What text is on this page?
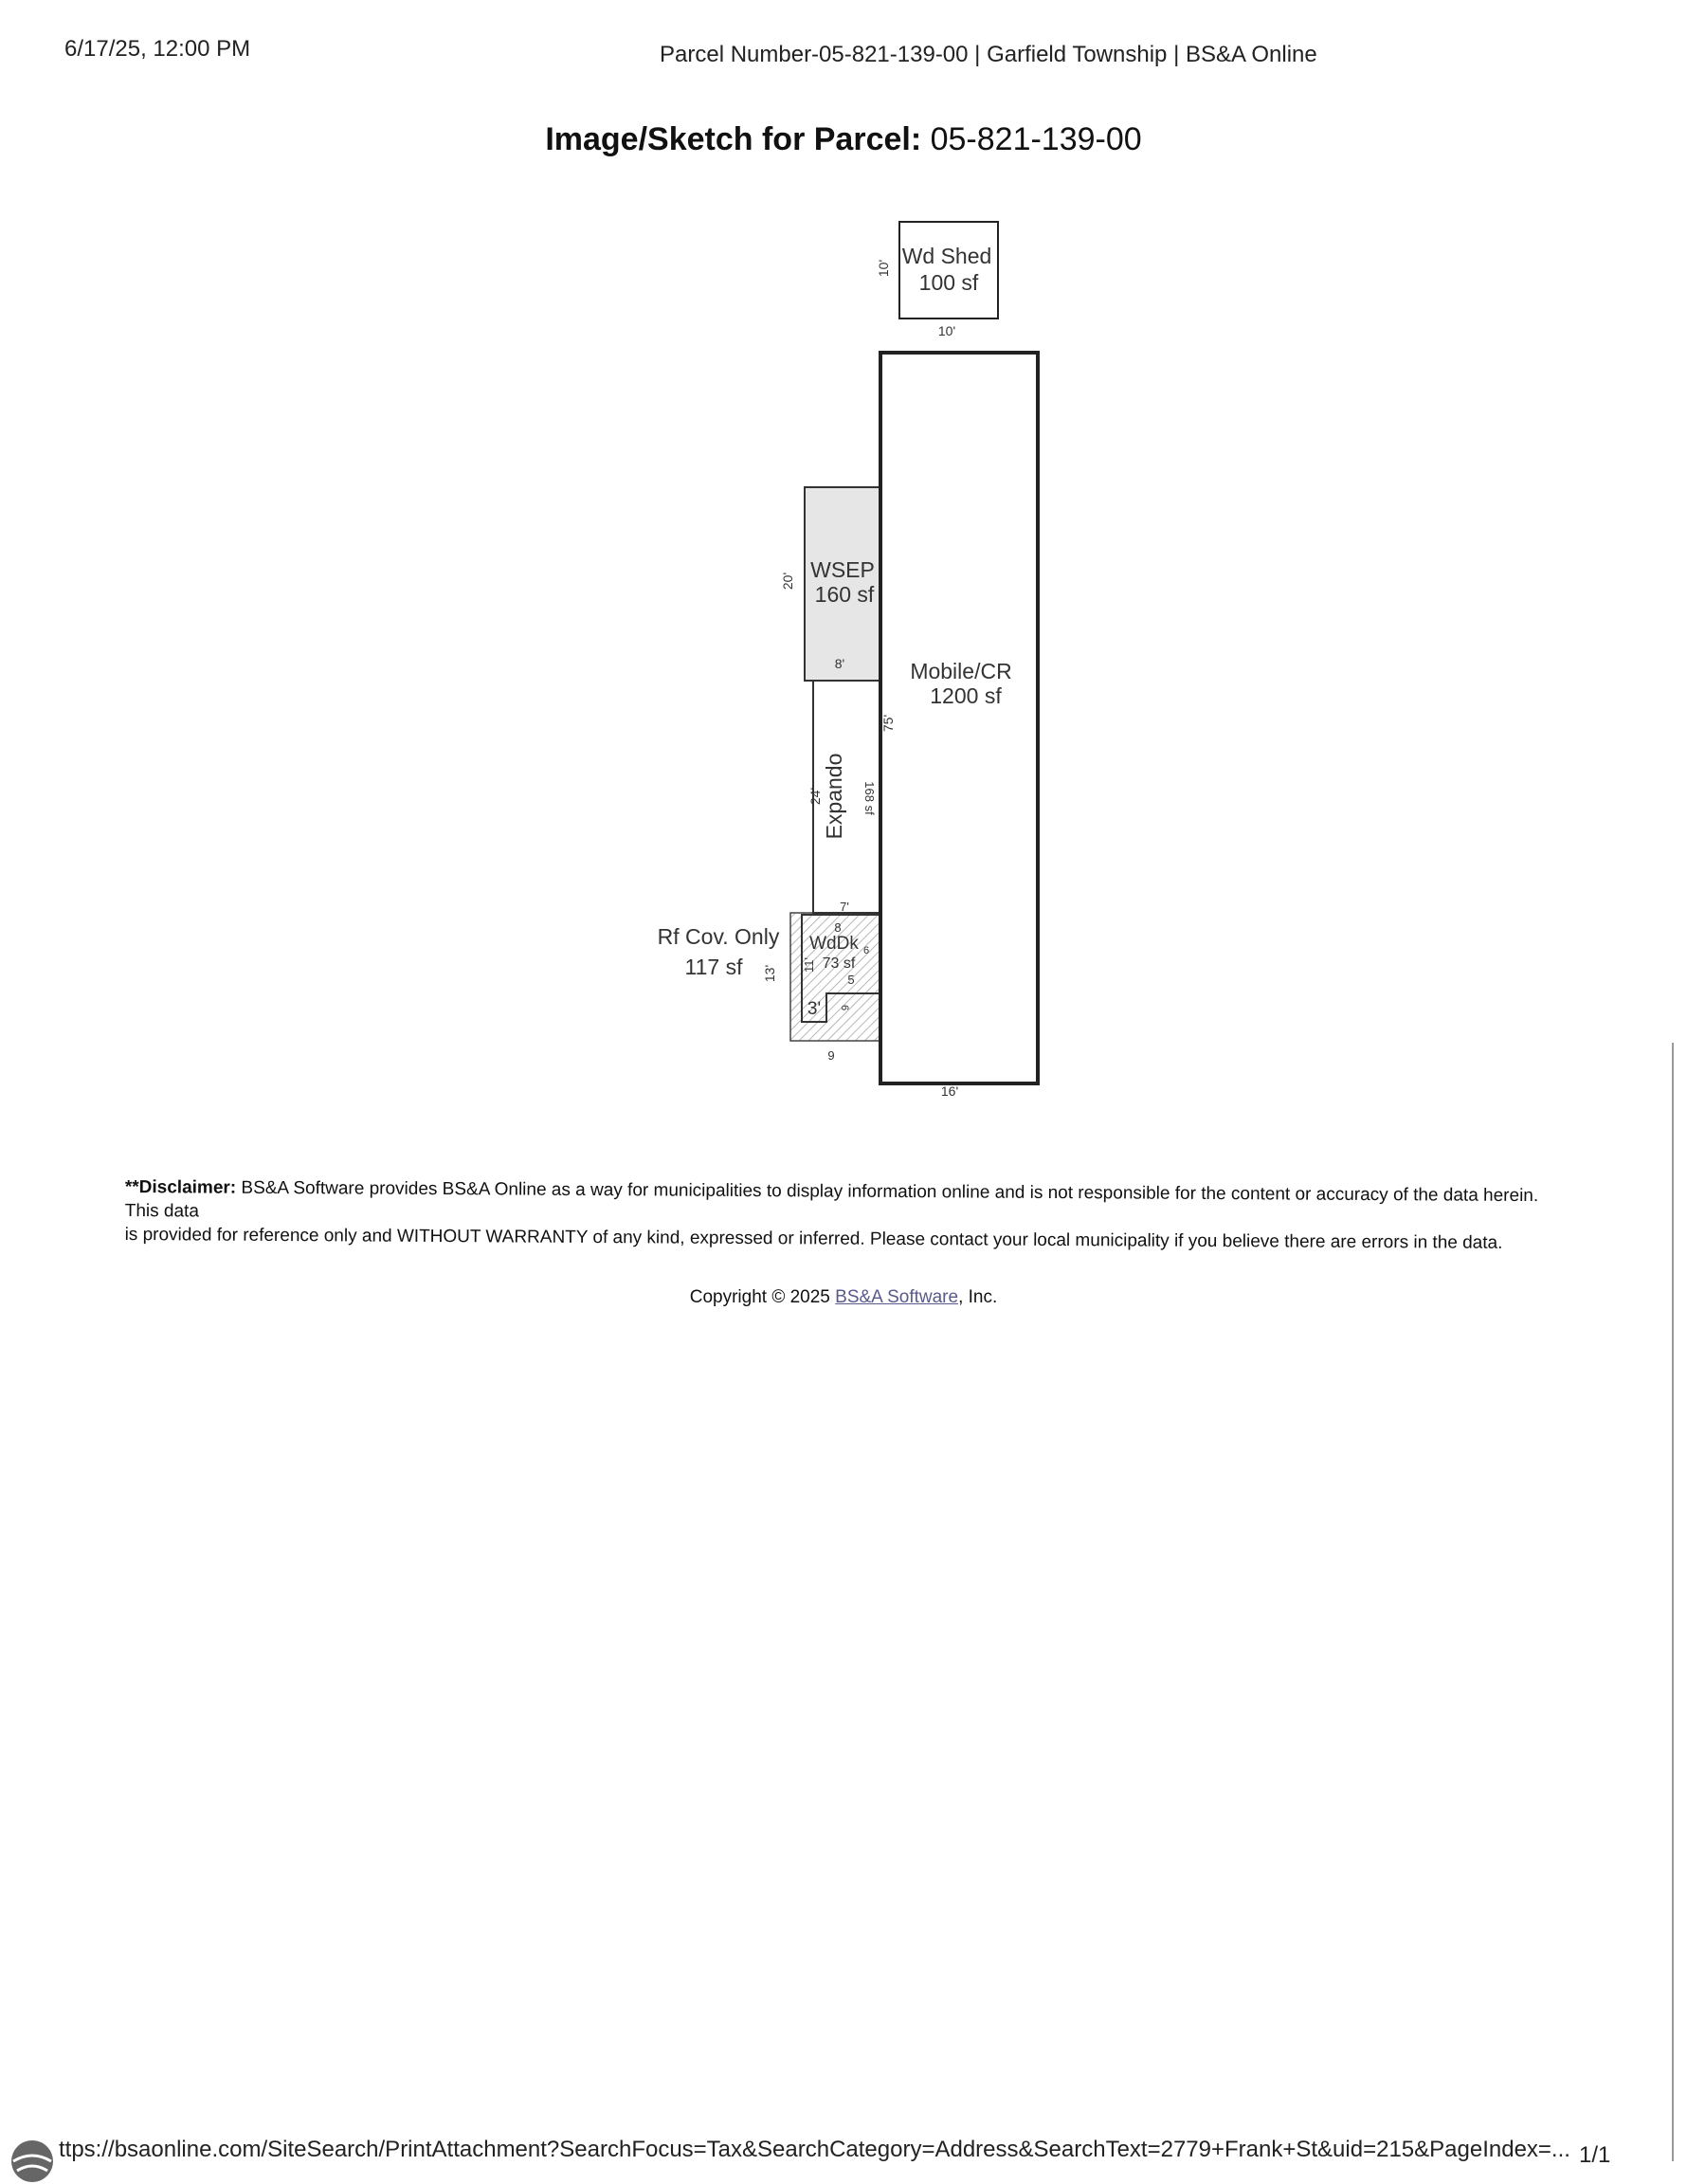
6/17/25, 12:00 PM	Parcel Number-05-821-139-00 | Garfield Township | BS&A Online
Image/Sketch for Parcel: 05-821-139-00
Wd Shed
100 sf
10'
10'
WSEP
160 sf
20'
8'
Expando 168 sf
24'
7'
8
WdDk
73 sf
11'
6
5
3' 6
Rf Cov. Only
117 sf 13'
9
Mobile/CR
1200 sf
75'
16'
**Disclaimer: BS&A Software provides BS&A Online as a way for municipalities to display information online and is not responsible for the content or accuracy of the data herein. This data
is provided for reference only and WITHOUT WARRANTY of any kind, expressed or inferred. Please contact your local municipality if you believe there are errors in the data.
Copyright © 2025 BS&A Software, Inc.
ttps://bsaonline.com/SiteSearch/PrintAttachment?SearchFocus=Tax&SearchCategory=Address&SearchText=2779+Frank+St&uid=215&PageIndex=... 1/1
